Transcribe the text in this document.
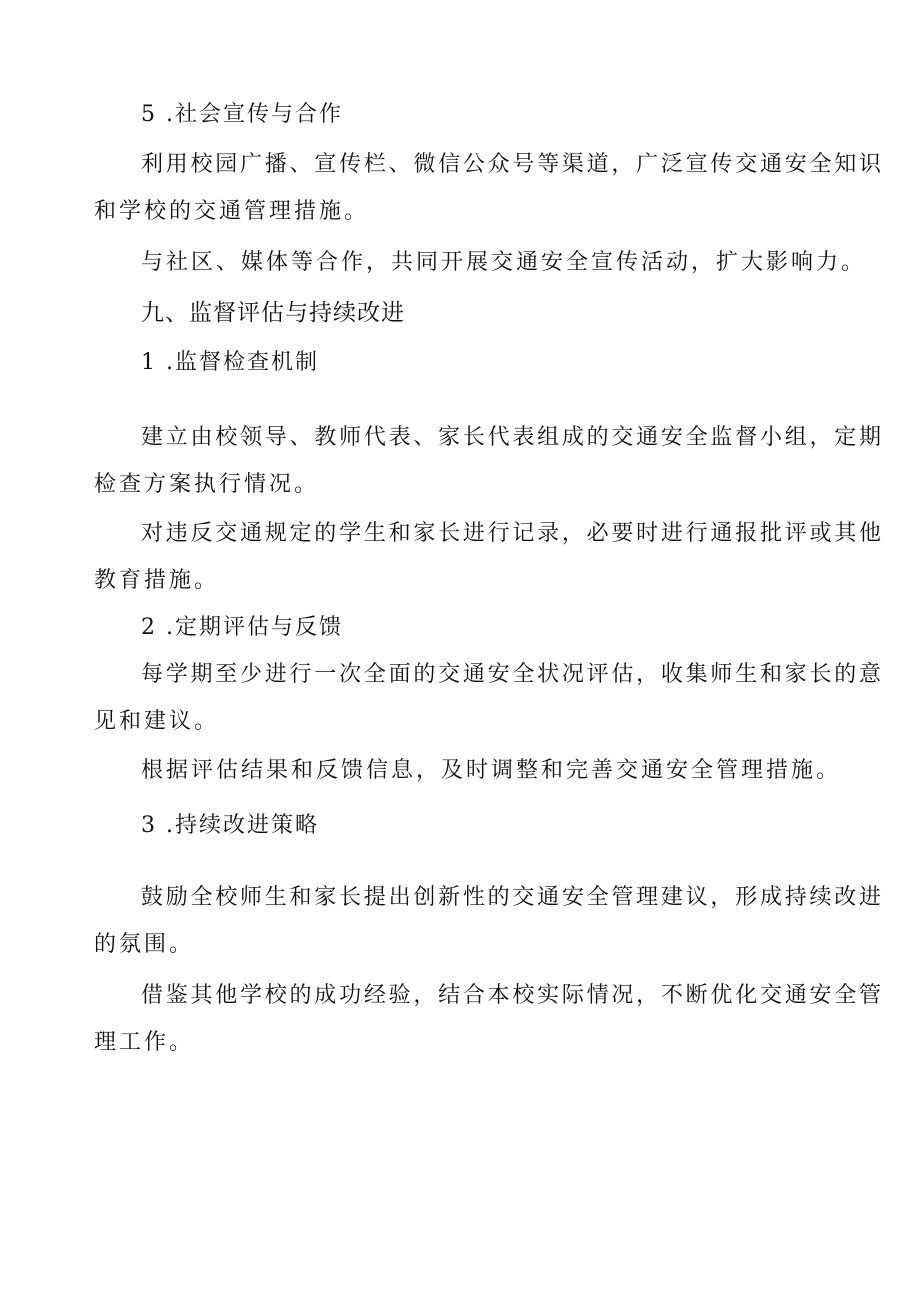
5 .社会宣传与合作
利用校园广播、宣传栏、微信公众号等渠道，广泛宣传交通安全知识
和学校的交通管理措施。
与社区、媒体等合作，共同开展交通安全宣传活动，扩大影响力。
九、监督评估与持续改进
1 .监督检查机制
建立由校领导、教师代表、家长代表组成的交通安全监督小组，定期
检查方案执行情况。
对违反交通规定的学生和家长进行记录，必要时进行通报批评或其他
教育措施。
2 .定期评估与反馈
每学期至少进行一次全面的交通安全状况评估，收集师生和家长的意
见和建议。
根据评估结果和反馈信息，及时调整和完善交通安全管理措施。
3 .持续改进策略
鼓励全校师生和家长提出创新性的交通安全管理建议，形成持续改进
的氛围。
借鉴其他学校的成功经验，结合本校实际情况，不断优化交通安全管
理工作。
